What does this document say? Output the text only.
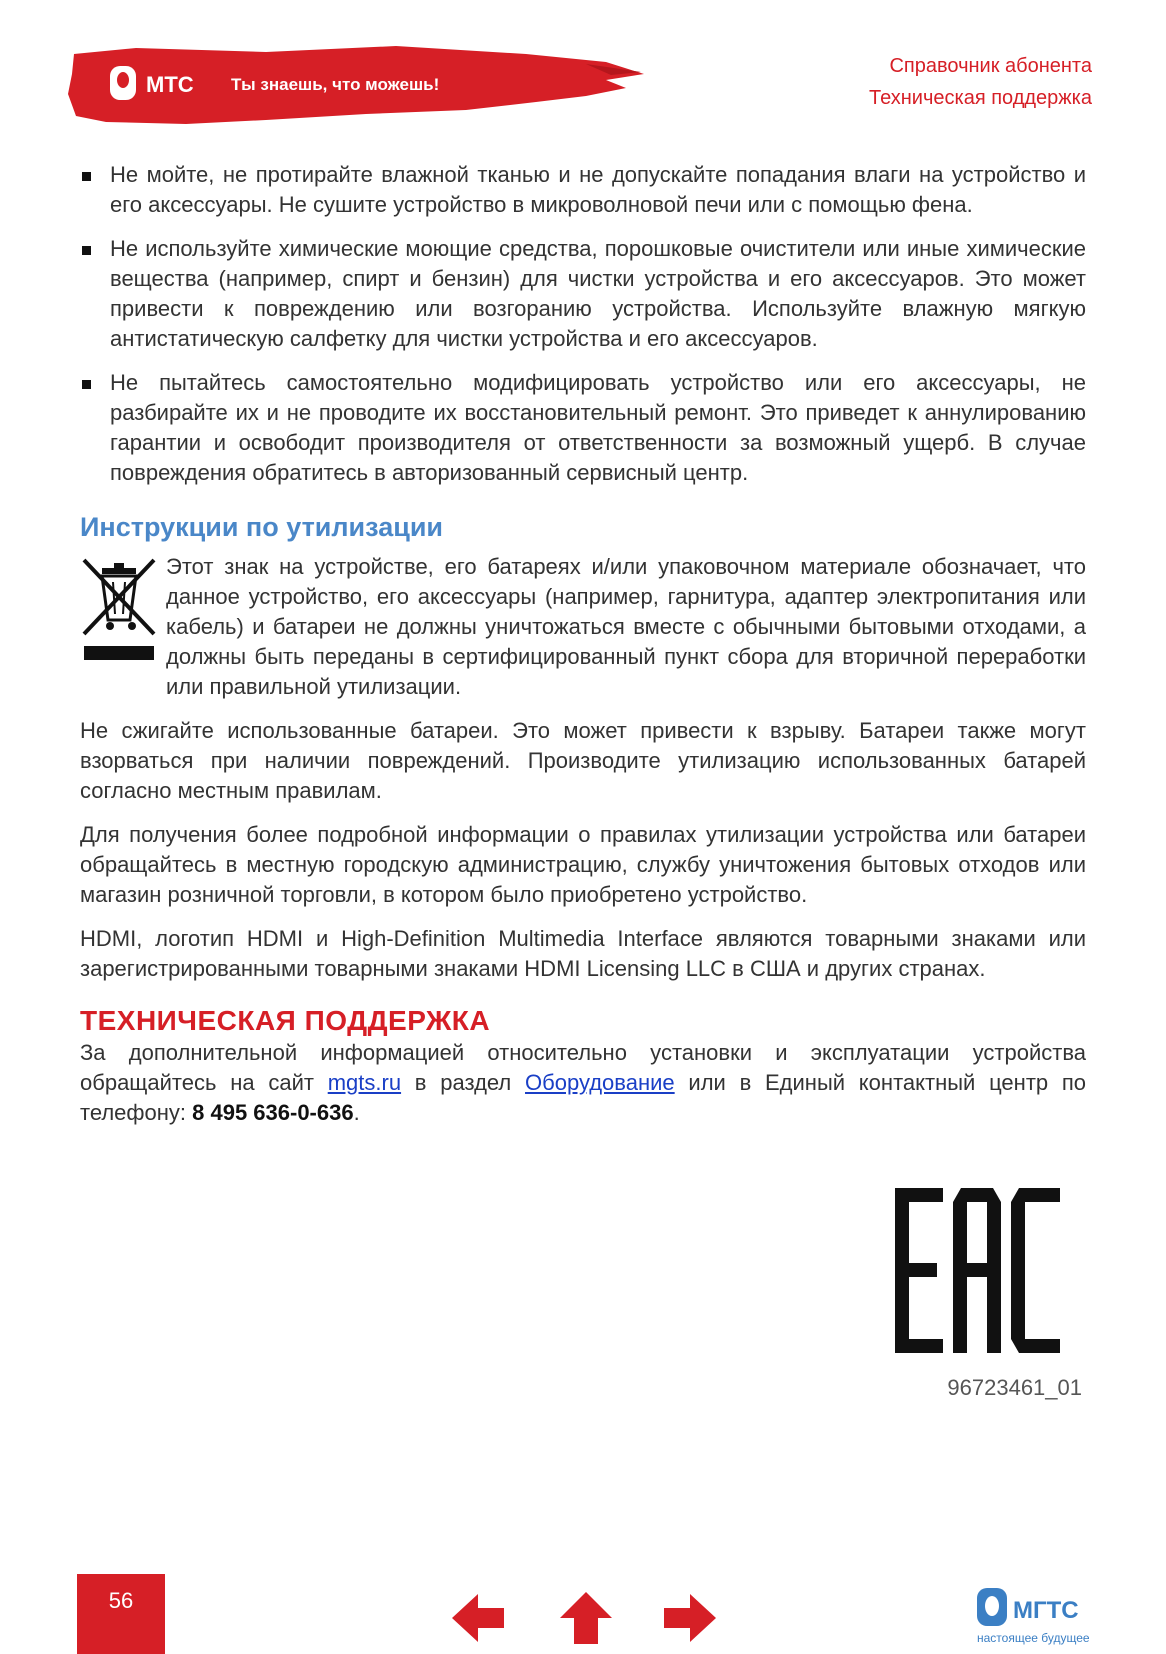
МТС Ты знаешь, что можешь!
Справочник абонента
Техническая поддержка
Не мойте, не протирайте влажной тканью и не допускайте попадания влаги на устройство и его аксессуары. Не сушите устройство в микроволновой печи или с помощью фена.
Не используйте химические моющие средства, порошковые очистители или иные химические вещества (например, спирт и бензин) для чистки устройства и его аксессуаров. Это может привести к повреждению или возгоранию устройства. Используйте влажную мягкую антистатическую салфетку для чистки устройства и его аксессуаров.
Не пытайтесь самостоятельно модифицировать устройство или его аксессуары, не разбирайте их и не проводите их восстановительный ремонт. Это приведет к аннулированию гарантии и освободит производителя от ответственности за возможный ущерб. В случае повреждения обратитесь в авторизованный сервисный центр.
Инструкции по утилизации
Этот знак на устройстве, его батареях и/или упаковочном материале обозначает, что данное устройство, его аксессуары (например, гарнитура, адаптер электропитания или кабель) и батареи не должны уничтожаться вместе с обычными бытовыми отходами, а должны быть переданы в сертифицированный пункт сбора для вторичной переработки или правильной утилизации.

Не сжигайте использованные батареи. Это может привести к взрыву. Батареи также могут взорваться при наличии повреждений. Производите утилизацию использованных батарей согласно местным правилам.

Для получения более подробной информации о правилах утилизации устройства или батареи обращайтесь в местную городскую администрацию, службу уничтожения бытовых отходов или магазин розничной торговли, в котором было приобретено устройство.

HDMI, логотип HDMI и High-Definition Multimedia Interface являются товарными знаками или зарегистрированными товарными знаками HDMI Licensing LLC в США и других странах.

ТЕХНИЧЕСКАЯ ПОДДЕРЖКА

За дополнительной информацией относительно установки и эксплуатации устройства обращайтесь на сайт mgts.ru в раздел Оборудование или в Единый контактный центр по телефону: 8 495 636-0-636.

96723461_01
56	МГТС
настоящее будущее
